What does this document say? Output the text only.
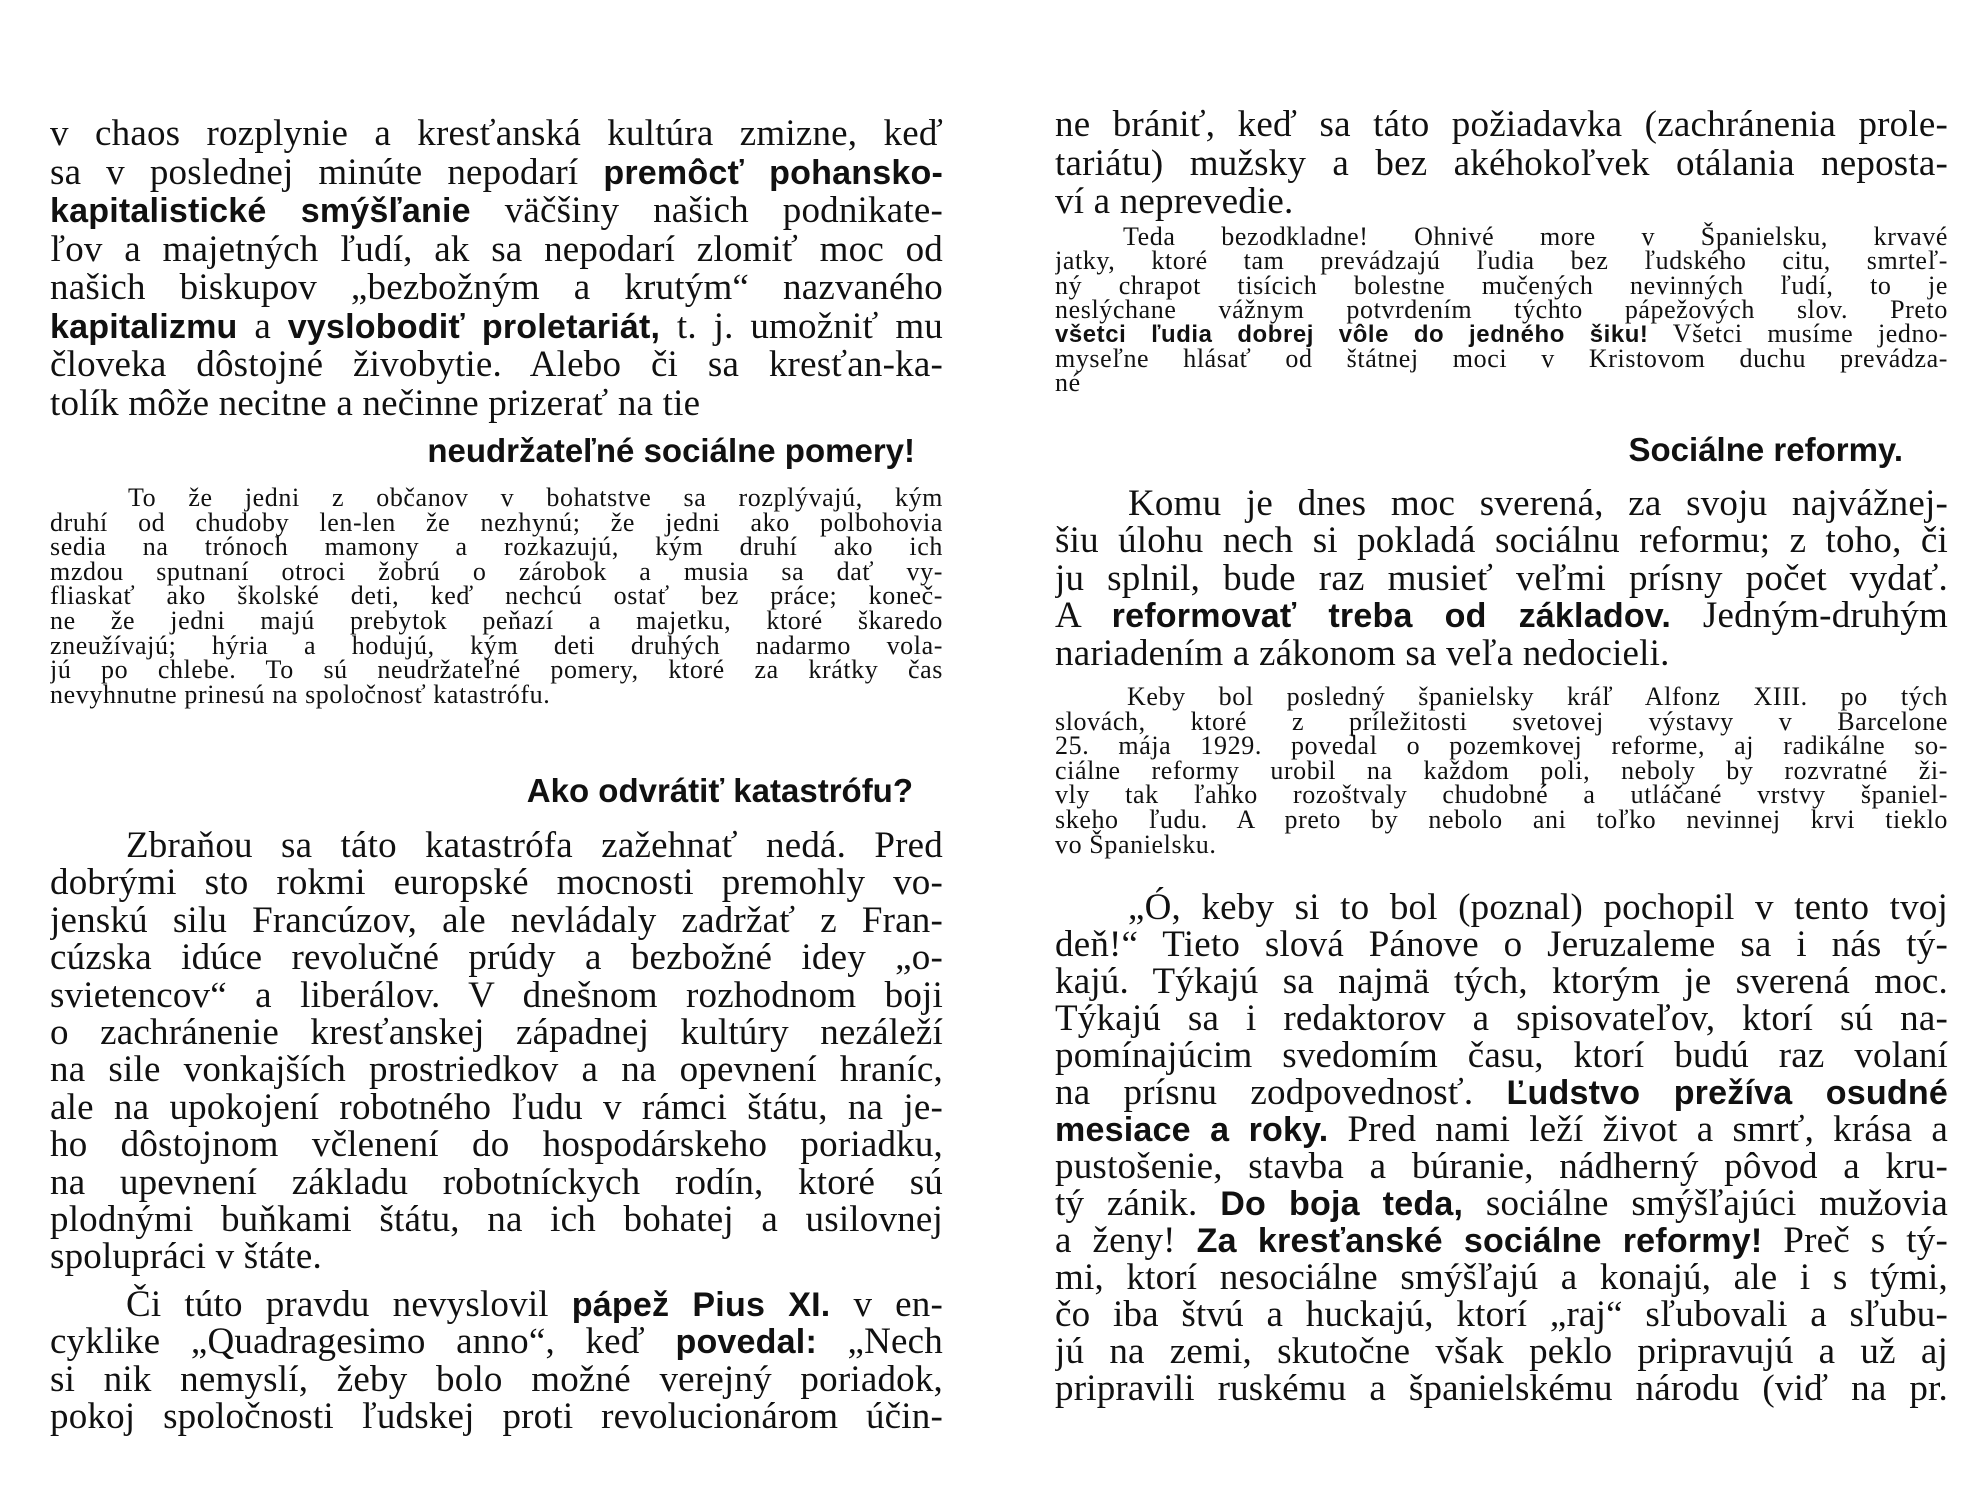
v chaos rozplynie a kresťanská kultúra zmizne, keď
sa v poslednej minúte nepodarí premôcť pohansko-
kapitalistické smýšľanie väčšiny našich podnikate-
ľov a majetných ľudí, ak sa nepodarí zlomiť moc od
našich biskupov „bezbožným a krutým“ nazvaného
kapitalizmu a vyslobodiť proletariát, t. j. umožniť mu
človeka dôstojné živobytie. Alebo či sa kresťan-ka-
tolík môže necitne a nečinne prizerať na tie
neudržateľné sociálne pomery!
To že jedni z občanov v bohatstve sa rozplývajú, kým
druhí od chudoby len-len že nezhynú; že jedni ako polbohovia
sedia na trónoch mamony a rozkazujú, kým druhí ako ich
mzdou sputnaní otroci žobrú o zárobok a musia sa dať vy-
fliaskať ako školské deti, keď nechcú ostať bez práce; koneč-
ne že jedni majú prebytok peňazí a majetku, ktoré škaredo
zneužívajú; hýria a hodujú, kým deti druhých nadarmo vola-
jú po chlebe. To sú neudržateľné pomery, ktoré za krátky čas
nevyhnutne prinesú na spoločnosť katastrófu.
Ako odvrátiť katastrófu?
Zbraňou sa táto katastrófa zažehnať nedá. Pred
dobrými sto rokmi europské mocnosti premohly vo-
jenskú silu Francúzov, ale nevládaly zadržať z Fran-
cúzska idúce revolučné prúdy a bezbožné idey „o-
svietencov“ a liberálov. V dnešnom rozhodnom boji
o zachránenie kresťanskej západnej kultúry nezáleží
na sile vonkajších prostriedkov a na opevnení hraníc,
ale na upokojení robotného ľudu v rámci štátu, na je-
ho dôstojnom včlenení do hospodárskeho poriadku,
na upevnení základu robotníckych rodín, ktoré sú
plodnými buňkami štátu, na ich bohatej a usilovnej
spolupráci v štáte.
Či túto pravdu nevyslovil pápež Pius XI. v en-
cyklike „Quadragesimo anno“, keď povedal: „Nech
si nik nemyslí, žeby bolo možné verejný poriadok,
pokoj spoločnosti ľudskej proti revolucionárom účin-
ne brániť, keď sa táto požiadavka (zachránenia prole-
tariátu) mužsky a bez akéhokoľvek otálania nepostа-
ví a neprevedie.
Teda bezodkladne! Ohnivé more v Španielsku, krvavé
jatky, ktoré tam prevádzajú ľudia bez ľudského citu, smrteľ-
ný chrapot tisícich bolestne mučených nevinných ľudí, to je
neslýchane vážnym potvrdením týchto pápežových slov. Preto
všetci ľudia dobrej vôle do jedného šiku! Všetci musíme jedno-
myseľne hlásať od štátnej moci v Kristovom duchu prevádza-
né
Sociálne reformy.
Komu je dnes moc sverená, za svoju najvážnej-
šiu úlohu nech si pokladá sociálnu reformu; z toho, či
ju splnil, bude raz musieť veľmi prísny počet vydať.
A reformovať treba od základov. Jedným-druhým
nariadením a zákonom sa veľa nedocieli.
Keby bol posledný španielsky kráľ Alfonz XIII. po tých
slovách, ktoré z príležitosti svetovej výstavy v Barcelone
25. mája 1929. povedal o pozemkovej reforme, aj radikálne so-
ciálne reformy urobil na každom poli, neboly by rozvratné ži-
vly tak ľahko rozoštvaly chudobné a utláčané vrstvy španiel-
skeho ľudu. A preto by nebolo ani toľko nevinnej krvi tieklo
vo Španielsku.
„Ó, keby si to bol (poznal) pochopil v tento tvoj
deň!“ Tieto slová Pánove o Jeruzaleme sa i nás tý-
kajú. Týkajú sa najmä tých, ktorým je sverená moc.
Týkajú sa i redaktorov a spisovateľov, ktorí sú na-
pomínajúcim svedomím času, ktorí budú raz volaní
na prísnu zodpovednosť. Ľudstvo prežíva osudné
mesiace a roky. Pred nami leží život a smrť, krása a
pustošenie, stavba a búranie, nádherný pôvod a kru-
tý zánik. Do boja teda, sociálne smýšľajúci mužovia
a ženy! Za kresťanské sociálne reformy! Preč s tý-
mi, ktorí nesociálne smýšľajú a konajú, ale i s tými,
čo iba štvú a huckajú, ktorí „raj“ sľubovali a sľubu-
jú na zemi, skutočne však peklo pripravujú a už aj
pripravili ruskému a španielskému národu (viď na pr.
